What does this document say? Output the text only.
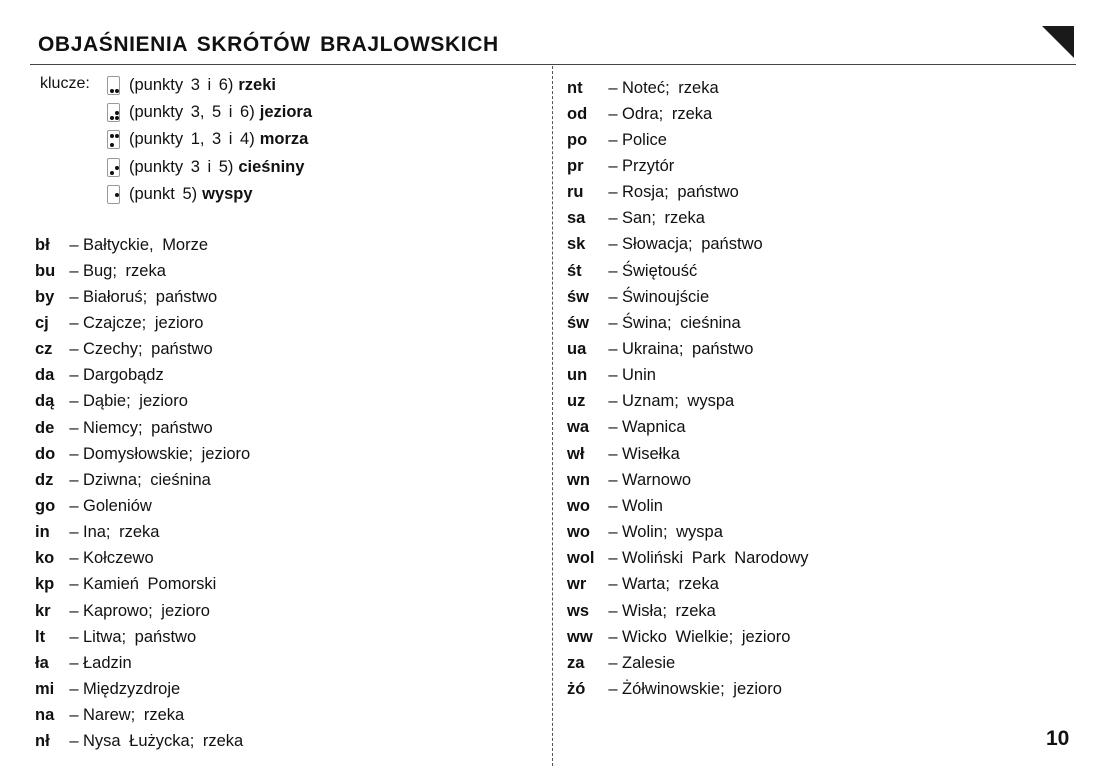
OBJAŚNIENIA SKRÓTÓW BRAJLOWSKICH
klucze: (punkty 3 i 6) rzeki
(punkty 3, 5 i 6) jeziora
(punkty 1, 3 i 4) morza
(punkty 3 i 5) cieśniny
(punkt 5) wyspy
bł	– Bałtyckie, Morze
bu – Bug; rzeka
by – Białoruś; państwo
cj	– Czajcze; jezioro
cz	– Czechy; państwo
da – Dargobądz
dą – Dąbie; jezioro
de – Niemcy; państwo
do – Domysłowskie; jezioro
dz – Dziwna; cieśnina
go – Goleniów
in	– Ina; rzeka
ko – Kołczewo
kp – Kamień Pomorski
kr	– Kaprowo; jezioro
lt	– Litwa; państwo
ła	– Ładzin
mi – Międzyzdroje
na – Narew; rzeka
nł	– Nysa Łużycka; rzeka
nt	– Noteć; rzeka
od	– Odra; rzeka
po	– Police
pr	– Przytór
ru	– Rosja; państwo
sa	– San; rzeka
sk	– Słowacja; państwo
śt	– Świętouść
św	– Świnoujście
św	– Świna; cieśnina
ua	– Ukraina; państwo
un	– Unin
uz	– Uznam; wyspa
wa	– Wapnica
wł	– Wisełka
wn	– Warnowo
wo	– Wolin
wo	– Wolin; wyspa
wol – Woliński Park Narodowy
wr	– Warta; rzeka
ws	– Wisła; rzeka
ww – Wicko Wielkie; jezioro
za	– Zalesie
żó	– Żółwinowskie; jezioro
10
